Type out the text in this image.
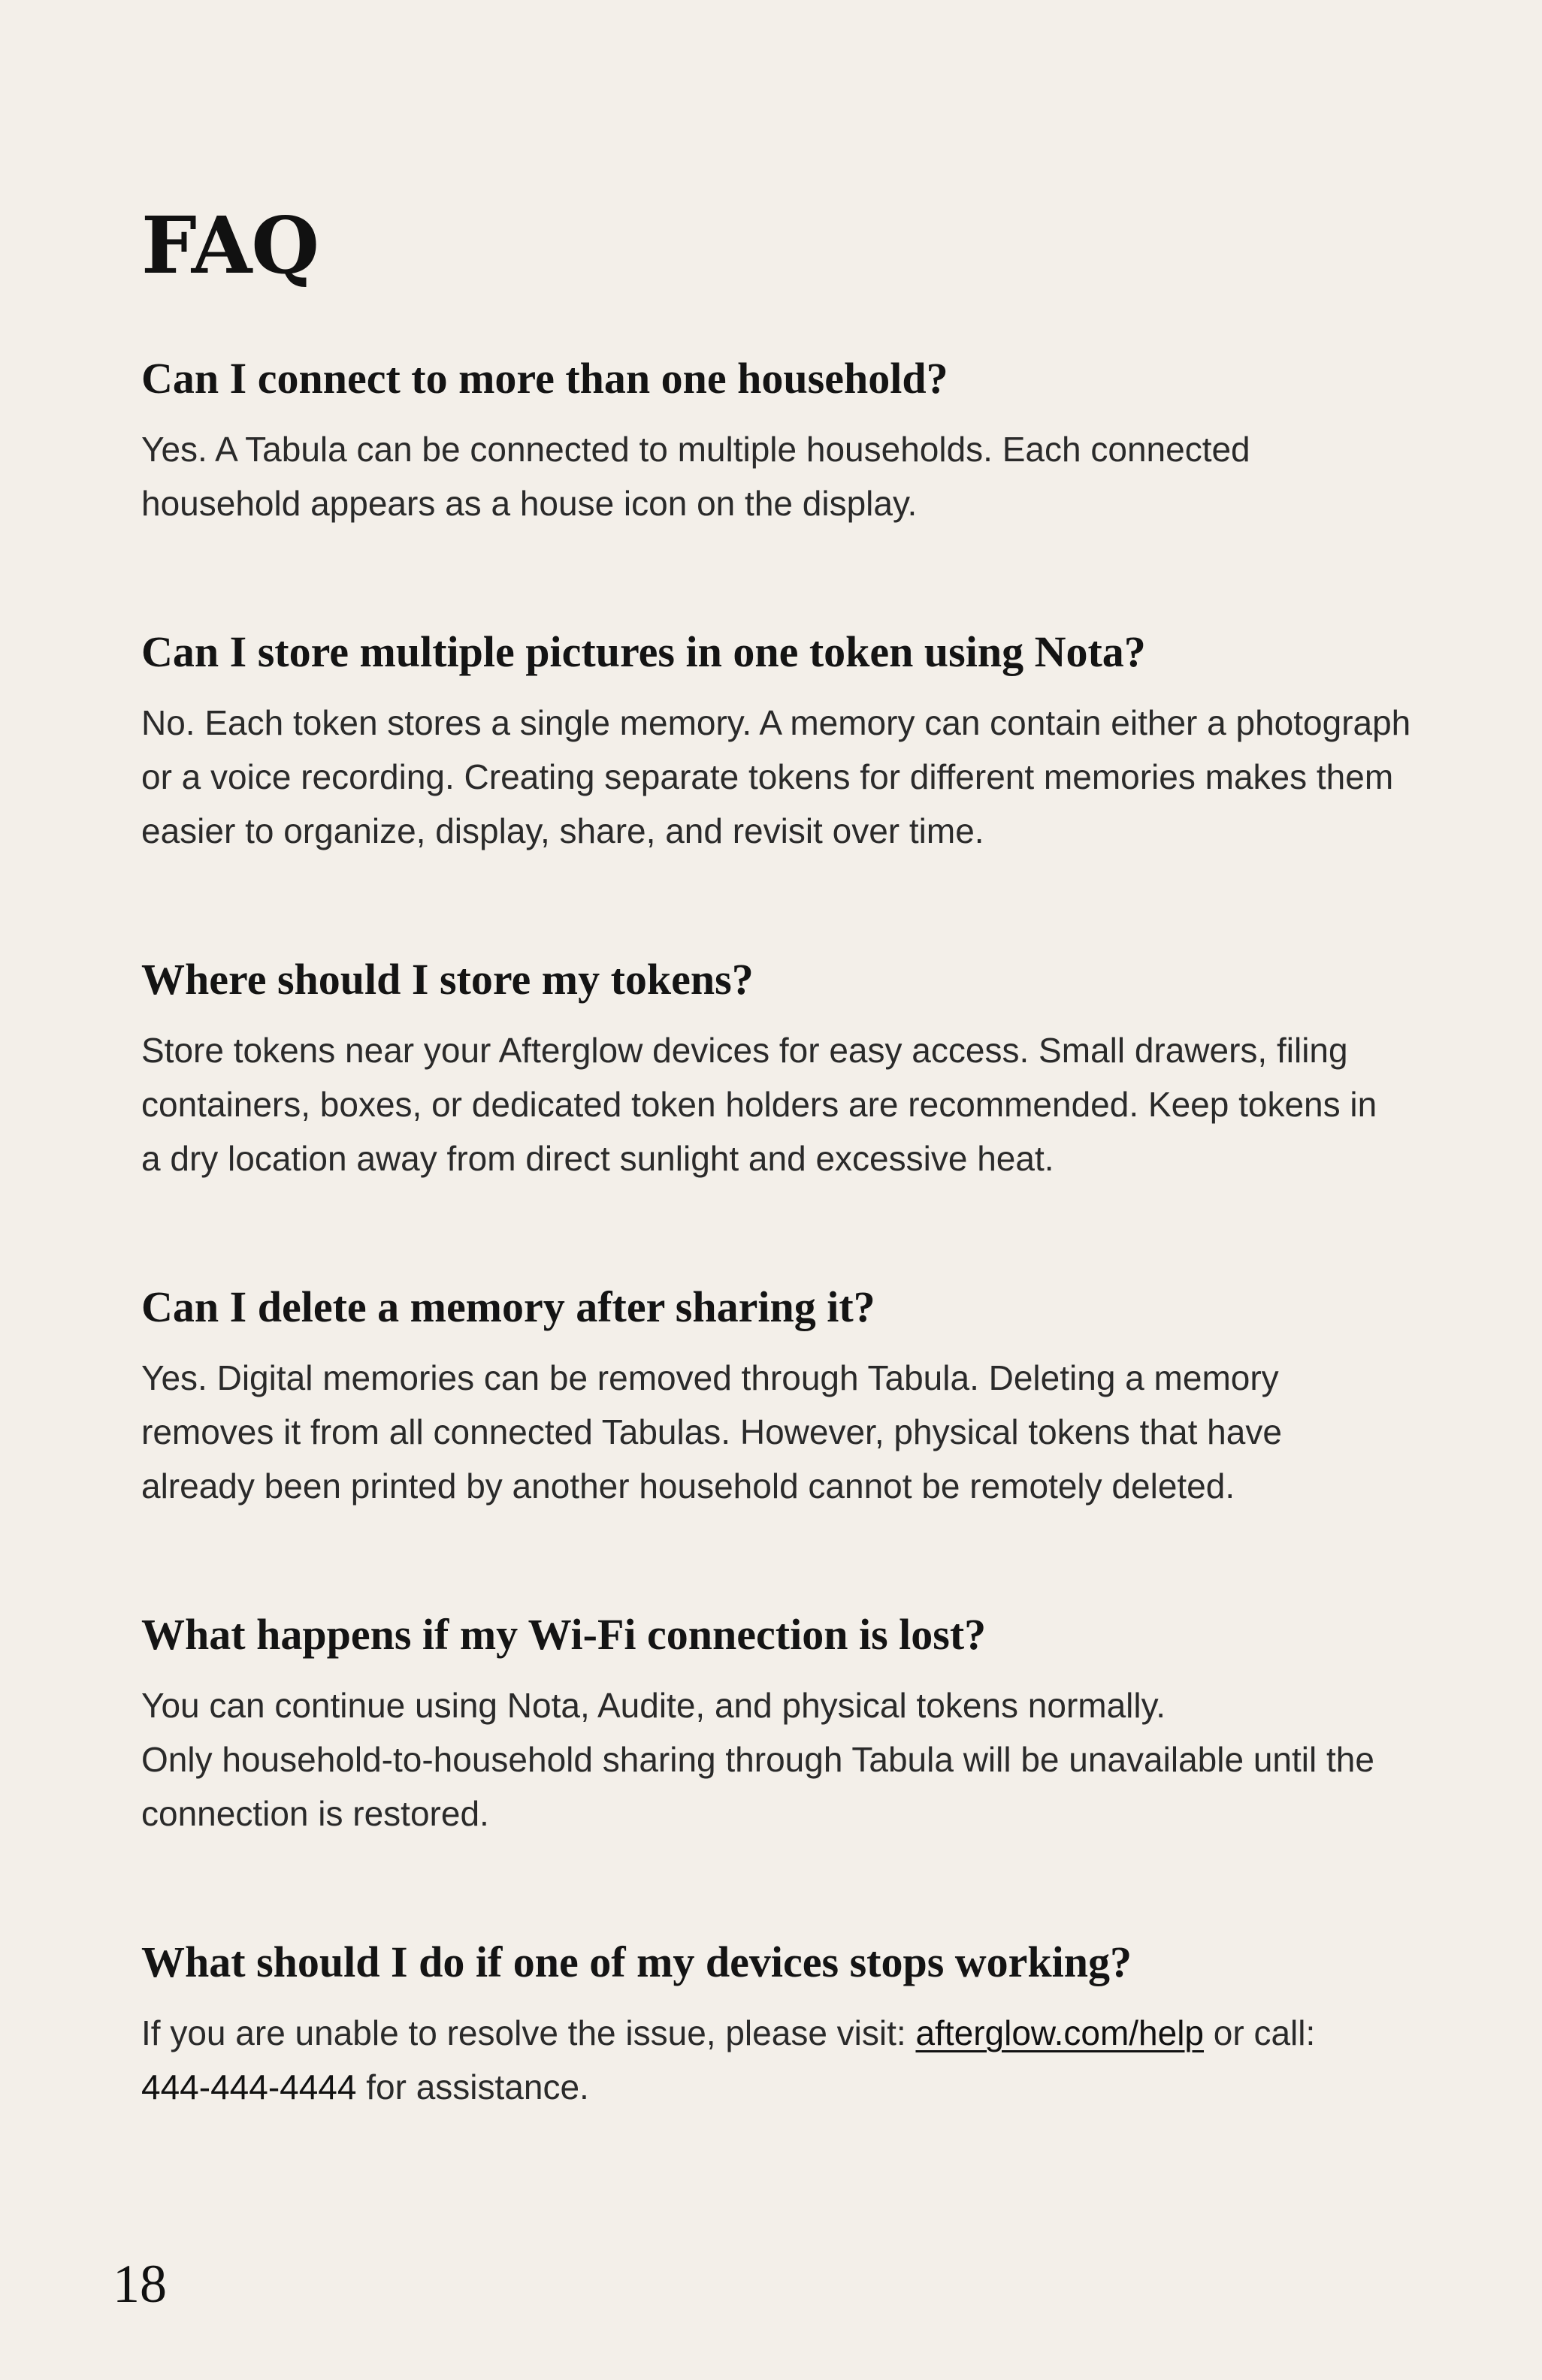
FAQ
Can I connect to more than one household?

Yes. A Tabula can be connected to multiple households. Each connected
household appears as a house icon on the display.

Can I store multiple pictures in one token using Nota?

No. Each token stores a single memory. A memory can contain either a photograph
or a voice recording. Creating separate tokens for different memories makes them
easier to organize, display, share, and revisit over time.

Where should I store my tokens?

Store tokens near your Afterglow devices for easy access. Small drawers, filing
containers, boxes, or dedicated token holders are recommended. Keep tokens in
a dry location away from direct sunlight and excessive heat.

Can I delete a memory after sharing it?

Yes. Digital memories can be removed through Tabula. Deleting a memory
removes it from all connected Tabulas. However, physical tokens that have
already been printed by another household cannot be remotely deleted.

What happens if my Wi-Fi connection is lost?

You can continue using Nota, Audite, and physical tokens normally.
Only household-to-household sharing through Tabula will be unavailable until the
connection is restored.

What should I do if one of my devices stops working?

If you are unable to resolve the issue, please visit: afterglow.com/help or call:
444-444-4444 for assistance.

18
